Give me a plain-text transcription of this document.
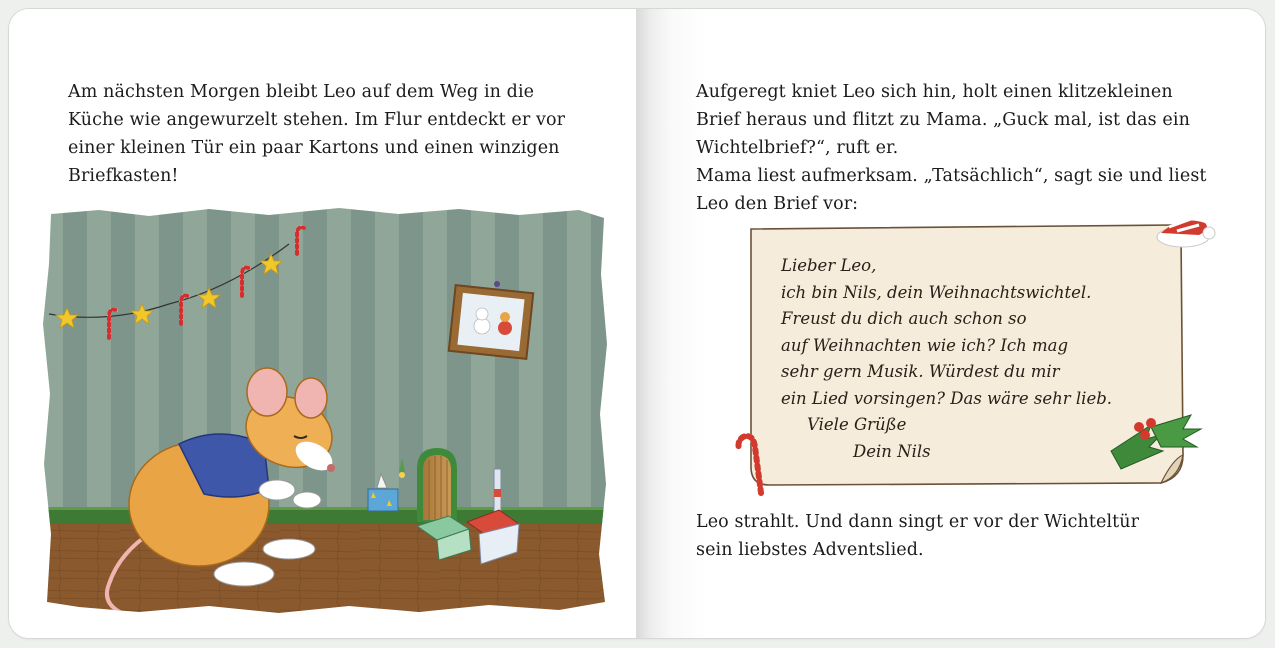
Am nächsten Morgen bleibt Leo auf dem Weg in die
Küche wie angewurzelt stehen. Im Flur entdeckt er vor
einer kleinen Tür ein paar Kartons und einen winzigen
Briefkasten!

Aufgeregt kniet Leo sich hin, holt einen klitzekleinen
Brief heraus und flitzt zu Mama. „Guck mal, ist das ein
Wichtelbrief?“, ruft er.
Mama liest aufmerksam. „Tatsächlich“, sagt sie und liest
Leo den Brief vor:

Lieber Leo,
ich bin Nils, dein Weihnachtswichtel.
Freust du dich auch schon so
auf Weihnachten wie ich? Ich mag
sehr gern Musik. Würdest du mir
ein Lied vorsingen? Das wäre sehr lieb.
Viele Grüße
Dein Nils

Leo strahlt. Und dann singt er vor der Wichteltür
sein liebstes Adventslied.
